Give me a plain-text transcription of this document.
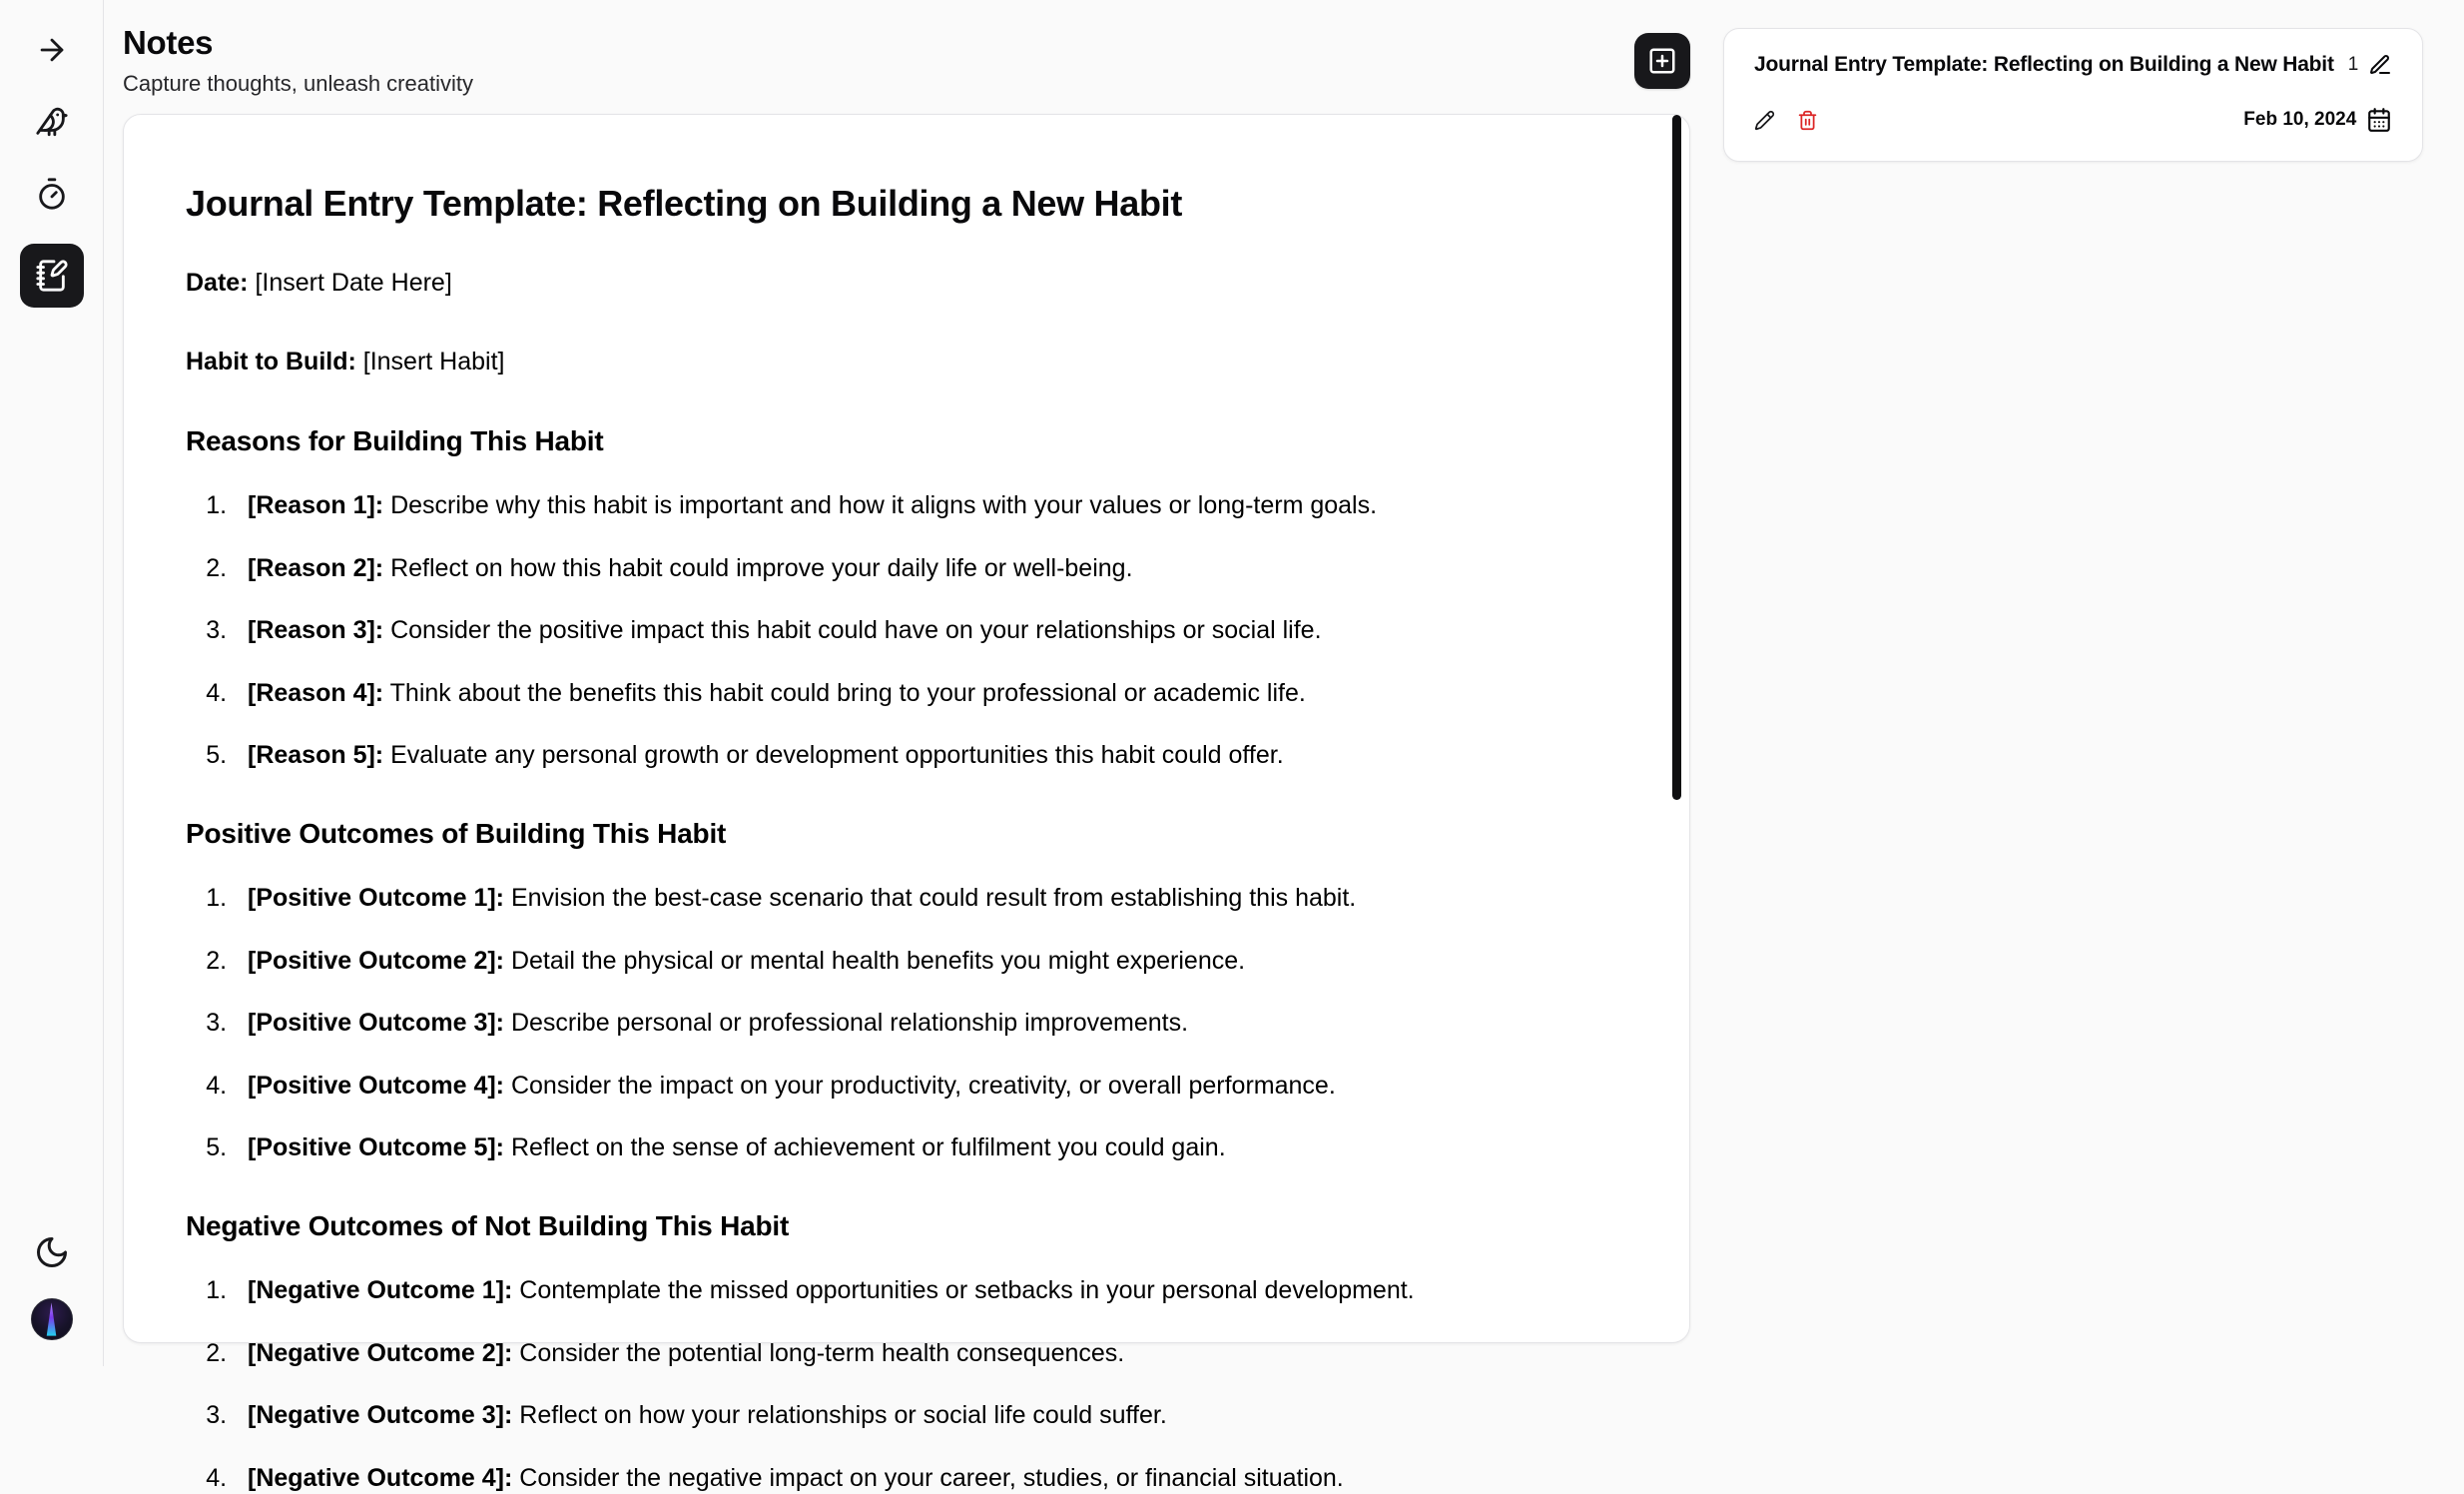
Notes
Capture thoughts, unleash creativity
Journal Entry Template: Reflecting on Building a New Habit

Date: [Insert Date Here]

Habit to Build: [Insert Habit]

Reasons for Building This Habit
1. [Reason 1]: Describe why this habit is important and how it aligns with your values or long-term goals.
2. [Reason 2]: Reflect on how this habit could improve your daily life or well-being.
3. [Reason 3]: Consider the positive impact this habit could have on your relationships or social life.
4. [Reason 4]: Think about the benefits this habit could bring to your professional or academic life.
5. [Reason 5]: Evaluate any personal growth or development opportunities this habit could offer.
Positive Outcomes of Building This Habit
1. [Positive Outcome 1]: Envision the best-case scenario that could result from establishing this habit.
2. [Positive Outcome 2]: Detail the physical or mental health benefits you might experience.
3. [Positive Outcome 3]: Describe personal or professional relationship improvements.
4. [Positive Outcome 4]: Consider the impact on your productivity, creativity, or overall performance.
5. [Positive Outcome 5]: Reflect on the sense of achievement or fulfilment you could gain.
Negative Outcomes of Not Building This Habit
1. [Negative Outcome 1]: Contemplate the missed opportunities or setbacks in your personal development.
2. [Negative Outcome 2]: Consider the potential long-term health consequences.
3. [Negative Outcome 3]: Reflect on how your relationships or social life could suffer.
4. [Negative Outcome 4]: Consider the negative impact on your career, studies, or financial situation.
Journal Entry Template: Reflecting on Building a New Habit 1
Feb 10, 2024
